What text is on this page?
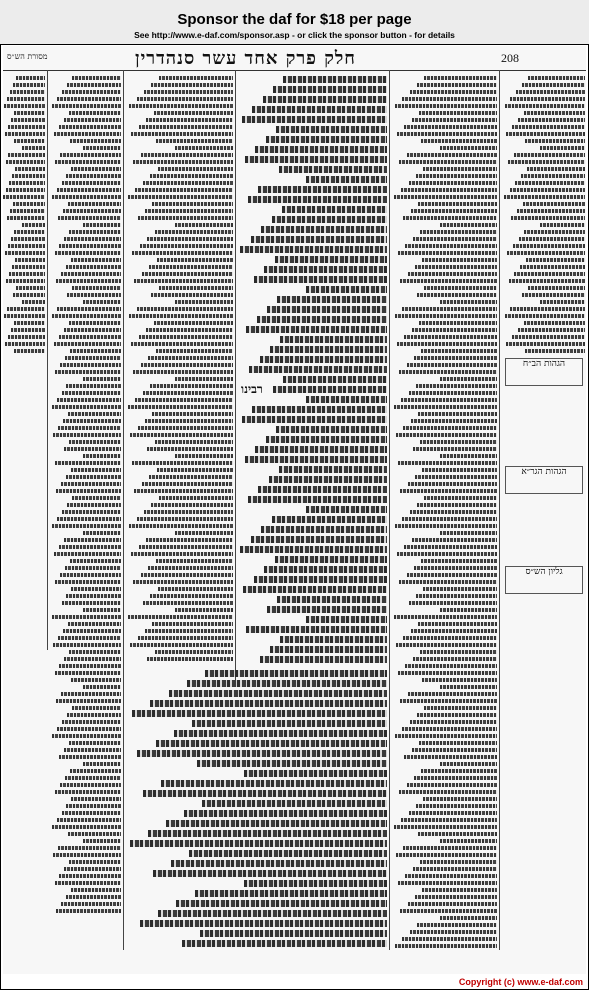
Sponsor the daf for $18 per page
See http://www.e-daf.com/sponsor.asp - or click the sponsor button - for details
208
חלק פרק אחד עשר סנהדרין
מסורת הש״ס
הגהות הב״ח
הגהות הגר״א
גליון הש״ס
רבינו
Copyright (c) www.e-daf.com
